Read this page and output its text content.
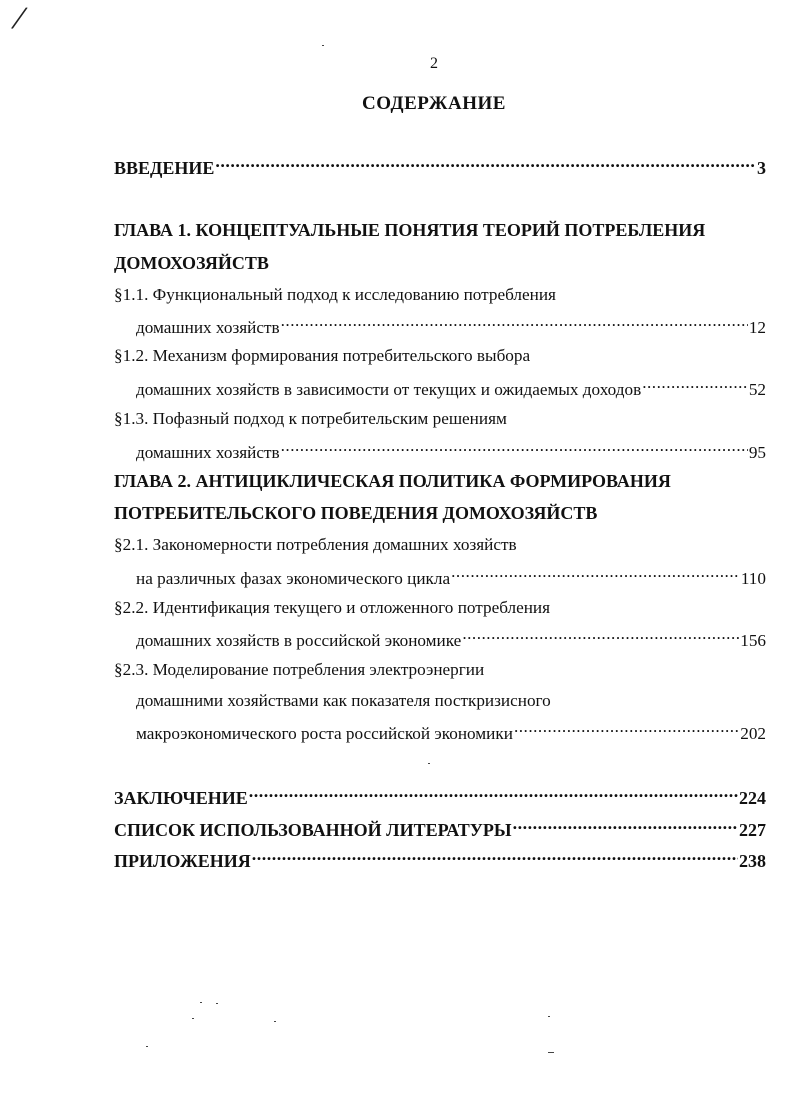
/
2
СОДЕРЖАНИЕ
ВВЕДЕНИЕ .....	3
ГЛАВА 1. КОНЦЕПТУАЛЬНЫЕ ПОНЯТИЯ ТЕОРИЙ ПОТРЕБЛЕНИЯ
ДОМОХОЗЯЙСТВ
§1.1. Функциональный подход к исследованию потребления
домашних хозяйств .....	12
§1.2. Механизм формирования потребительского выбора
домашних хозяйств в зависимости от текущих и ожидаемых доходов .....	52
§1.3. Пофазный подход к потребительским решениям
домашних хозяйств .....	95
ГЛАВА 2. АНТИЦИКЛИЧЕСКАЯ ПОЛИТИКА ФОРМИРОВАНИЯ
ПОТРЕБИТЕЛЬСКОГО ПОВЕДЕНИЯ ДОМОХОЗЯЙСТВ
§2.1. Закономерности потребления домашних хозяйств
на различных фазах экономического цикла .....	110
§2.2. Идентификация текущего и отложенного потребления
домашних хозяйств в российской экономике .....	156
§2.3. Моделирование потребления электроэнергии
домашними хозяйствами как показателя посткризисного
макроэкономического роста российской экономики .....	202
ЗАКЛЮЧЕНИЕ .....	224
СПИСОК ИСПОЛЬЗОВАННОЙ ЛИТЕРАТУРЫ .....	227
ПРИЛОЖЕНИЯ .....	238
